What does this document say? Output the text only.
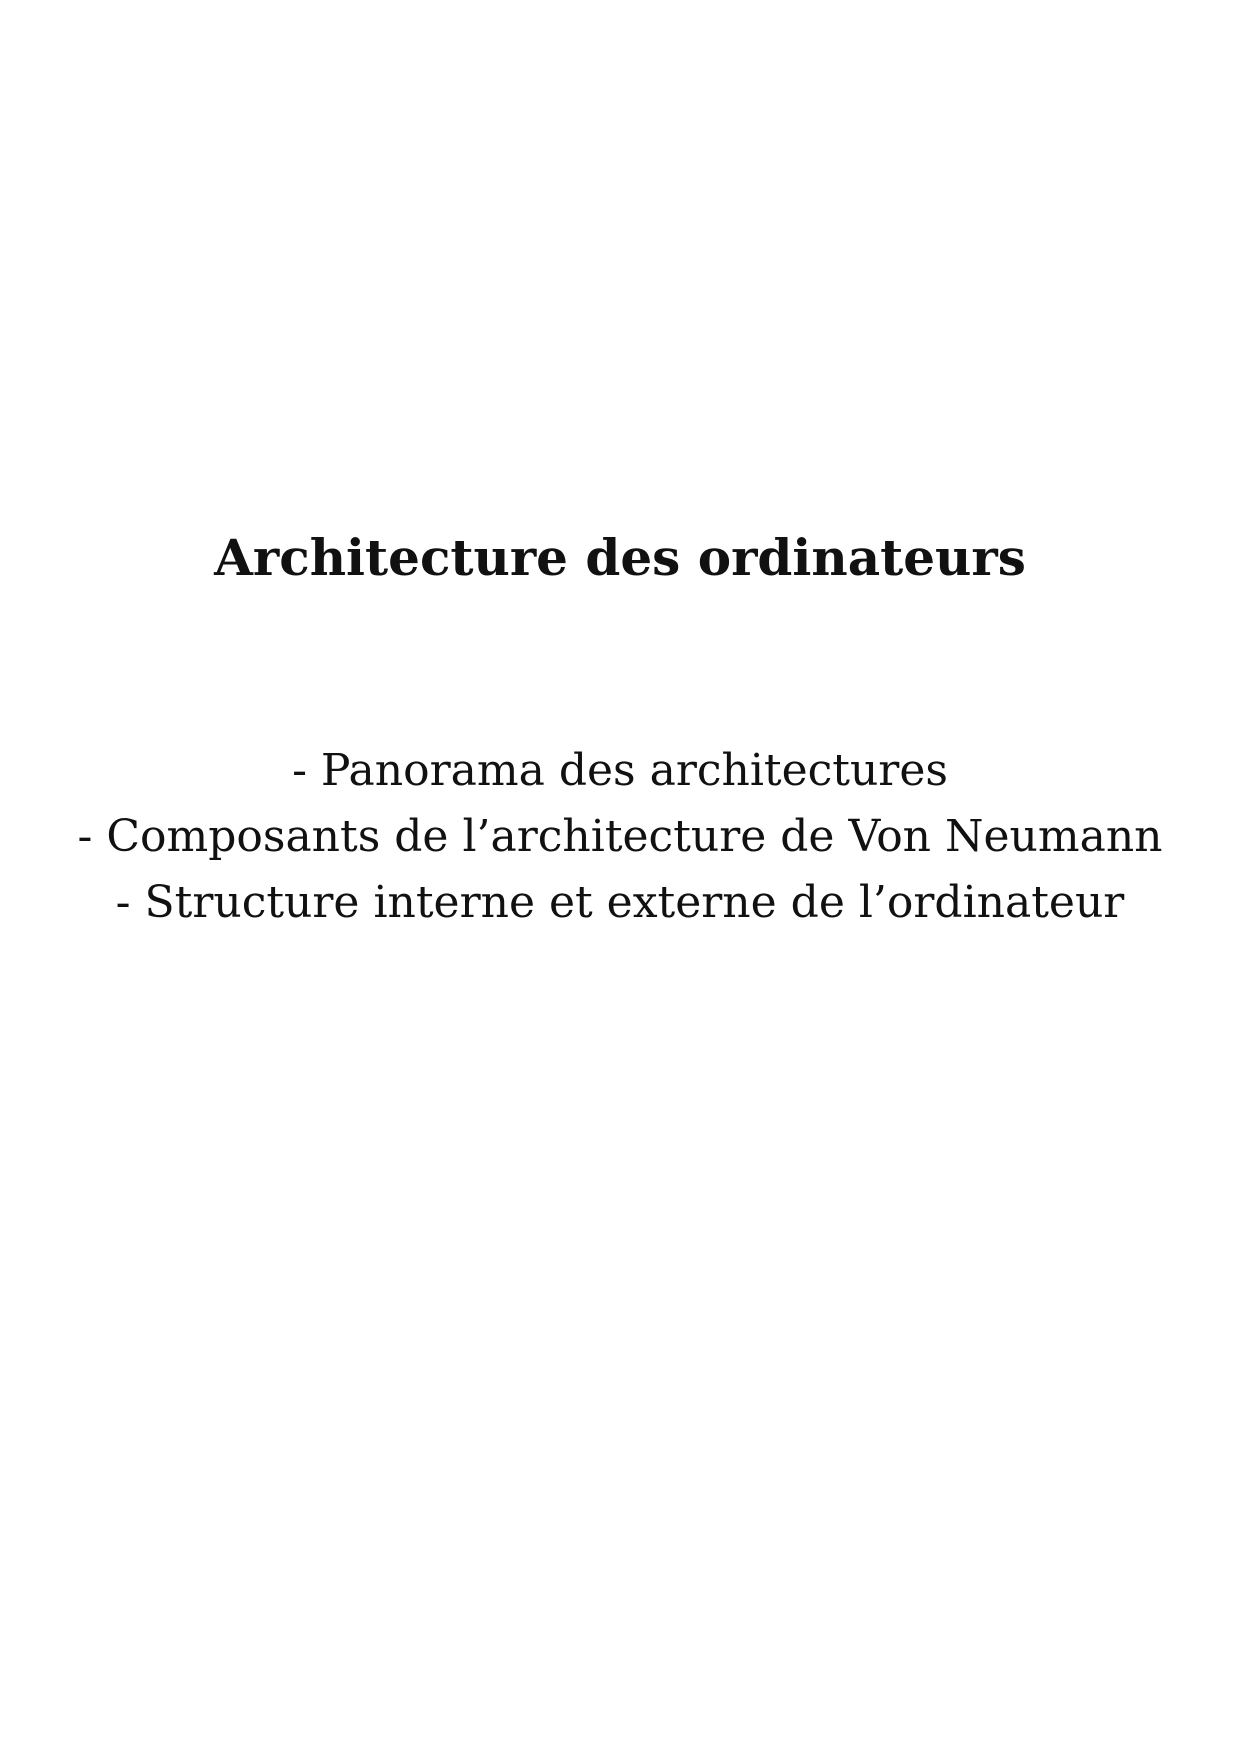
Architecture des ordinateurs
- Panorama des architectures
- Composants de l’architecture de Von Neumann
- Structure interne et externe de l’ordinateur
